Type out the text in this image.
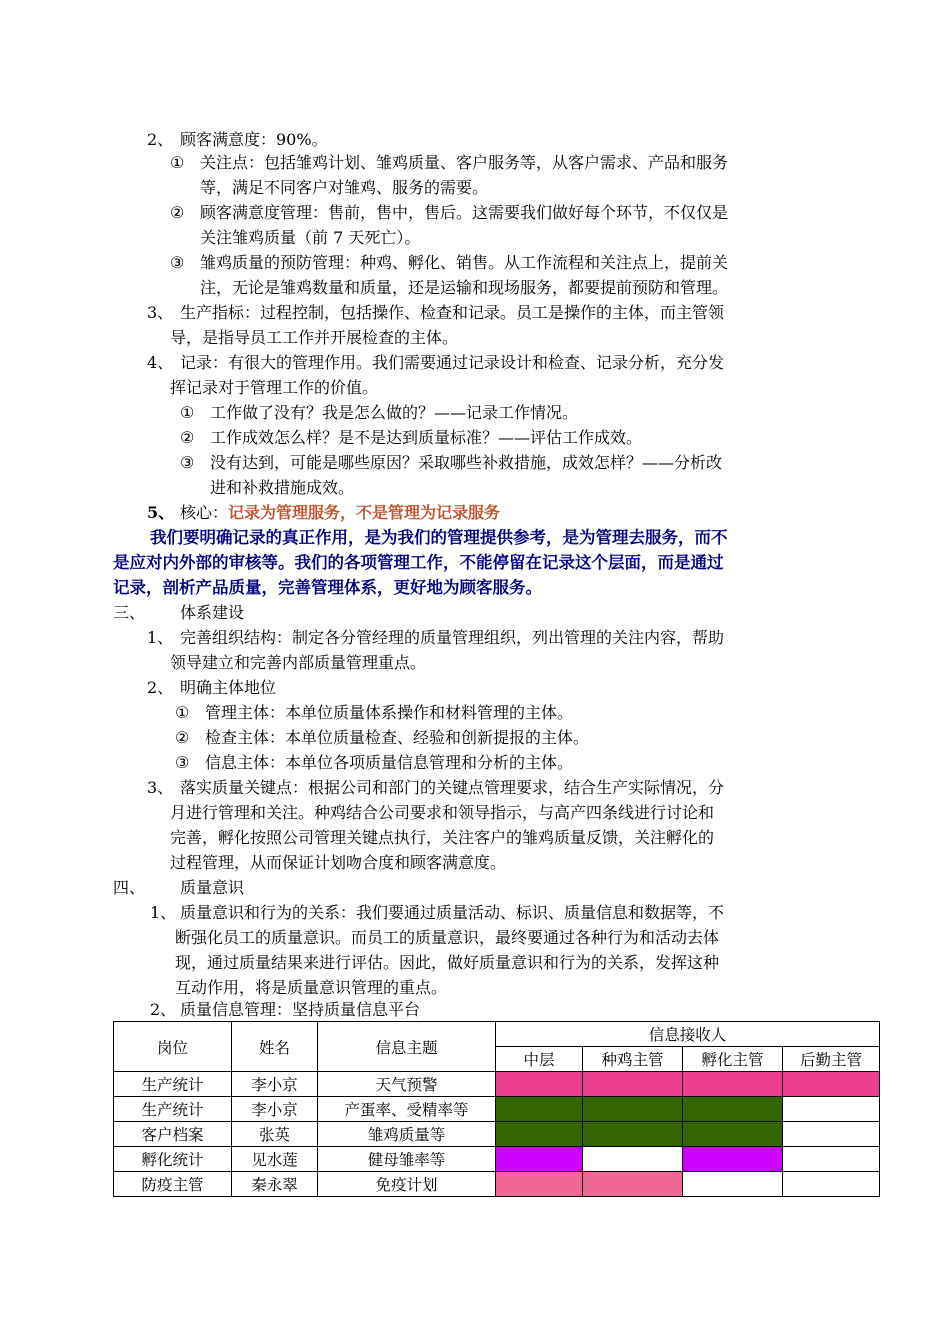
2、 顾客满意度：90%。
① 关注点：包括雏鸡计划、雏鸡质量、客户服务等，从客户需求、产品和服务
等，满足不同客户对雏鸡、服务的需要。
② 顾客满意度管理：售前，售中，售后。这需要我们做好每个环节，不仅仅是
关注雏鸡质量（前 7 天死亡）。
③ 雏鸡质量的预防管理：种鸡、孵化、销售。从工作流程和关注点上，提前关
注，无论是雏鸡数量和质量，还是运输和现场服务，都要提前预防和管理。
3、 生产指标：过程控制，包括操作、检查和记录。员工是操作的主体，而主管领
导，是指导员工工作并开展检查的主体。
4、 记录：有很大的管理作用。我们需要通过记录设计和检查、记录分析，充分发
挥记录对于管理工作的价值。
① 工作做了没有？我是怎么做的？——记录工作情况。
② 工作成效怎么样？是不是达到质量标准？——评估工作成效。
③ 没有达到，可能是哪些原因？采取哪些补救措施，成效怎样？——分析改
进和补救措施成效。
5、 核心： 记录为管理服务，不是管理为记录服务
我们要明确记录的真正作用，是为我们的管理提供参考，是为管理去服务，而不
是应对内外部的审核等。我们的各项管理工作，不能停留在记录这个层面，而是通过
记录，剖析产品质量，完善管理体系，更好地为顾客服务。
三、 体系建设
1、 完善组织结构：制定各分管经理的质量管理组织，列出管理的关注内容，帮助
领导建立和完善内部质量管理重点。
2、 明确主体地位
① 管理主体：本单位质量体系操作和材料管理的主体。
② 检查主体：本单位质量检查、经验和创新提报的主体。
③ 信息主体：本单位各项质量信息管理和分析的主体。
3、 落实质量关键点：根据公司和部门的关键点管理要求，结合生产实际情况，分
月进行管理和关注。种鸡结合公司要求和领导指示，与高产四条线进行讨论和
完善，孵化按照公司管理关键点执行，关注客户的雏鸡质量反馈，关注孵化的
过程管理，从而保证计划吻合度和顾客满意度。
四、 质量意识
1、 质量意识和行为的关系：我们要通过质量活动、标识、质量信息和数据等，不
断强化员工的质量意识。而员工的质量意识，最终要通过各种行为和活动去体
现，通过质量结果来进行评估。因此，做好质量意识和行为的关系，发挥这种
互动作用，将是质量意识管理的重点。
2、 质量信息管理：坚持质量信息平台
岗位	姓名	信息主题	信息接收人			
			中层	种鸡主管	孵化主管	后勤主管
生产统计	李小京	天气预警				
生产统计	李小京	产蛋率、受精率等				
客户档案	张英	雏鸡质量等				
孵化统计	见水莲	健母雏率等				
防疫主管	秦永翠	免疫计划				
